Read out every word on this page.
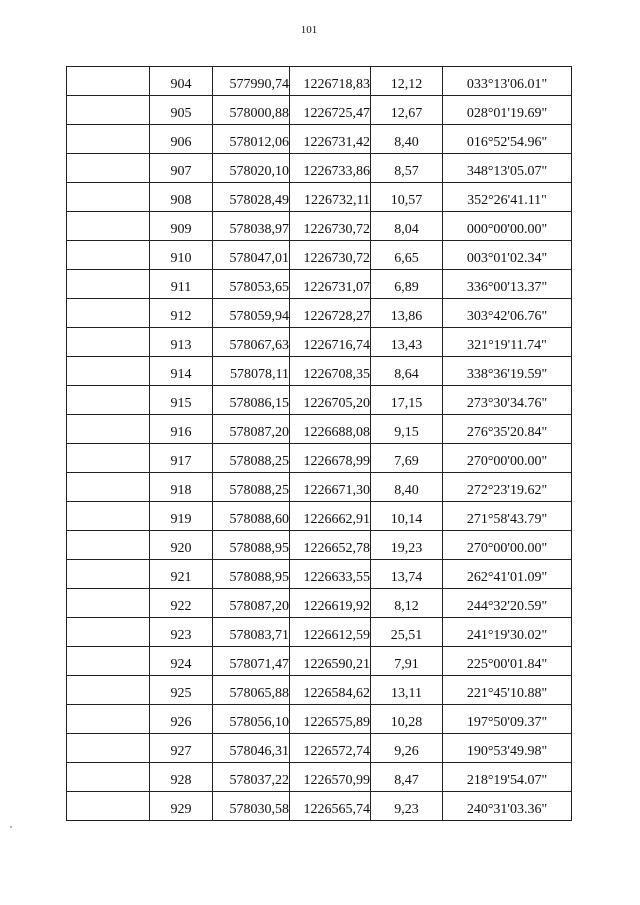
101
	904	577990,74	1226718,83	12,12	033°13'06.01"
	905	578000,88	1226725,47	12,67	028°01'19.69"
	906	578012,06	1226731,42	8,40	016°52'54.96"
	907	578020,10	1226733,86	8,57	348°13'05.07"
	908	578028,49	1226732,11	10,57	352°26'41.11"
	909	578038,97	1226730,72	8,04	000°00'00.00"
	910	578047,01	1226730,72	6,65	003°01'02.34"
	911	578053,65	1226731,07	6,89	336°00'13.37"
	912	578059,94	1226728,27	13,86	303°42'06.76"
	913	578067,63	1226716,74	13,43	321°19'11.74"
	914	578078,11	1226708,35	8,64	338°36'19.59"
	915	578086,15	1226705,20	17,15	273°30'34.76"
	916	578087,20	1226688,08	9,15	276°35'20.84"
	917	578088,25	1226678,99	7,69	270°00'00.00"
	918	578088,25	1226671,30	8,40	272°23'19.62"
	919	578088,60	1226662,91	10,14	271°58'43.79"
	920	578088,95	1226652,78	19,23	270°00'00.00"
	921	578088,95	1226633,55	13,74	262°41'01.09"
	922	578087,20	1226619,92	8,12	244°32'20.59"
	923	578083,71	1226612,59	25,51	241°19'30.02"
	924	578071,47	1226590,21	7,91	225°00'01.84"
	925	578065,88	1226584,62	13,11	221°45'10.88"
	926	578056,10	1226575,89	10,28	197°50'09.37"
	927	578046,31	1226572,74	9,26	190°53'49.98"
	928	578037,22	1226570,99	8,47	218°19'54.07"
	929	578030,58	1226565,74	9,23	240°31'03.36"
